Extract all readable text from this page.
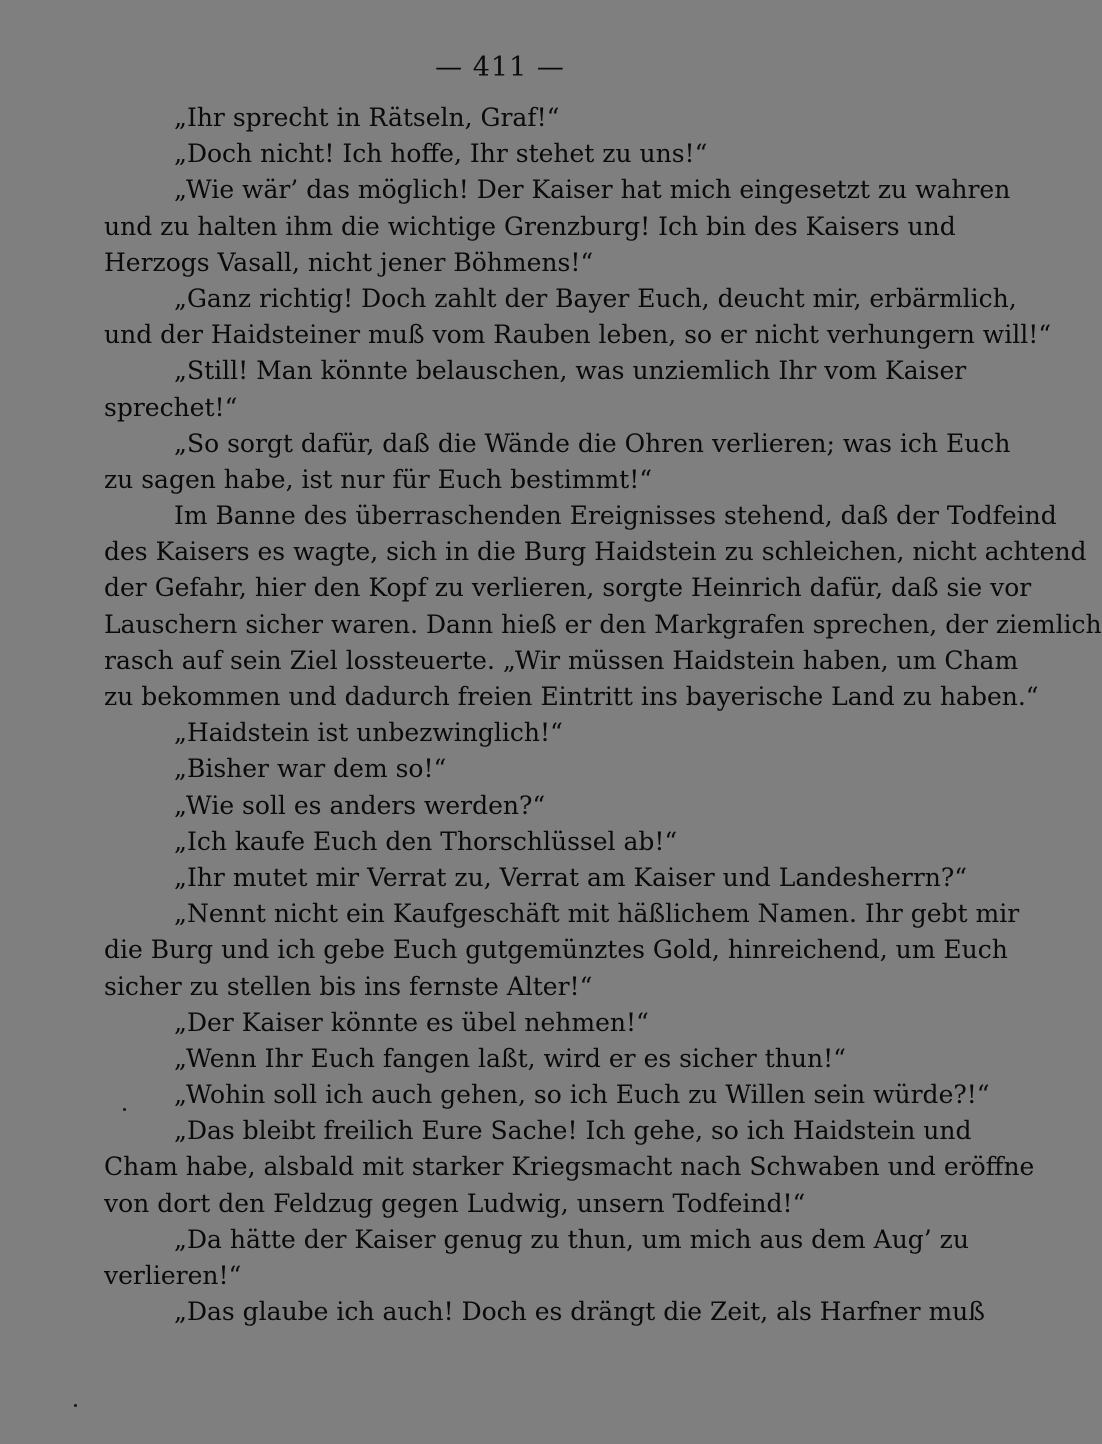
— 411 —
„Ihr sprecht in Rätseln, Graf!“
„Doch nicht! Ich hoffe, Ihr stehet zu uns!“
„Wie wär’ das möglich! Der Kaiser hat mich eingesetzt zu wahren
und zu halten ihm die wichtige Grenzburg! Ich bin des Kaisers und
Herzogs Vasall, nicht jener Böhmens!“
„Ganz richtig! Doch zahlt der Bayer Euch, deucht mir, erbärmlich,
und der Haidsteiner muß vom Rauben leben, so er nicht verhungern will!“
„Still! Man könnte belauschen, was unziemlich Ihr vom Kaiser
sprechet!“
„So sorgt dafür, daß die Wände die Ohren verlieren; was ich Euch
zu sagen habe, ist nur für Euch bestimmt!“
Im Banne des überraschenden Ereignisses stehend, daß der Todfeind
des Kaisers es wagte, sich in die Burg Haidstein zu schleichen, nicht achtend
der Gefahr, hier den Kopf zu verlieren, sorgte Heinrich dafür, daß sie vor
Lauschern sicher waren. Dann hieß er den Markgrafen sprechen, der ziemlich
rasch auf sein Ziel lossteuerte. „Wir müssen Haidstein haben, um Cham
zu bekommen und dadurch freien Eintritt ins bayerische Land zu haben.“
„Haidstein ist unbezwinglich!“
„Bisher war dem so!“
„Wie soll es anders werden?“
„Ich kaufe Euch den Thorschlüssel ab!“
„Ihr mutet mir Verrat zu, Verrat am Kaiser und Landesherrn?“
„Nennt nicht ein Kaufgeschäft mit häßlichem Namen. Ihr gebt mir
die Burg und ich gebe Euch gutgemünztes Gold, hinreichend, um Euch
sicher zu stellen bis ins fernste Alter!“
„Der Kaiser könnte es übel nehmen!“
„Wenn Ihr Euch fangen laßt, wird er es sicher thun!“
„Wohin soll ich auch gehen, so ich Euch zu Willen sein würde?!“
„Das bleibt freilich Eure Sache! Ich gehe, so ich Haidstein und
Cham habe, alsbald mit starker Kriegsmacht nach Schwaben und eröffne
von dort den Feldzug gegen Ludwig, unsern Todfeind!“
„Da hätte der Kaiser genug zu thun, um mich aus dem Aug’ zu
verlieren!“
„Das glaube ich auch! Doch es drängt die Zeit, als Harfner muß
